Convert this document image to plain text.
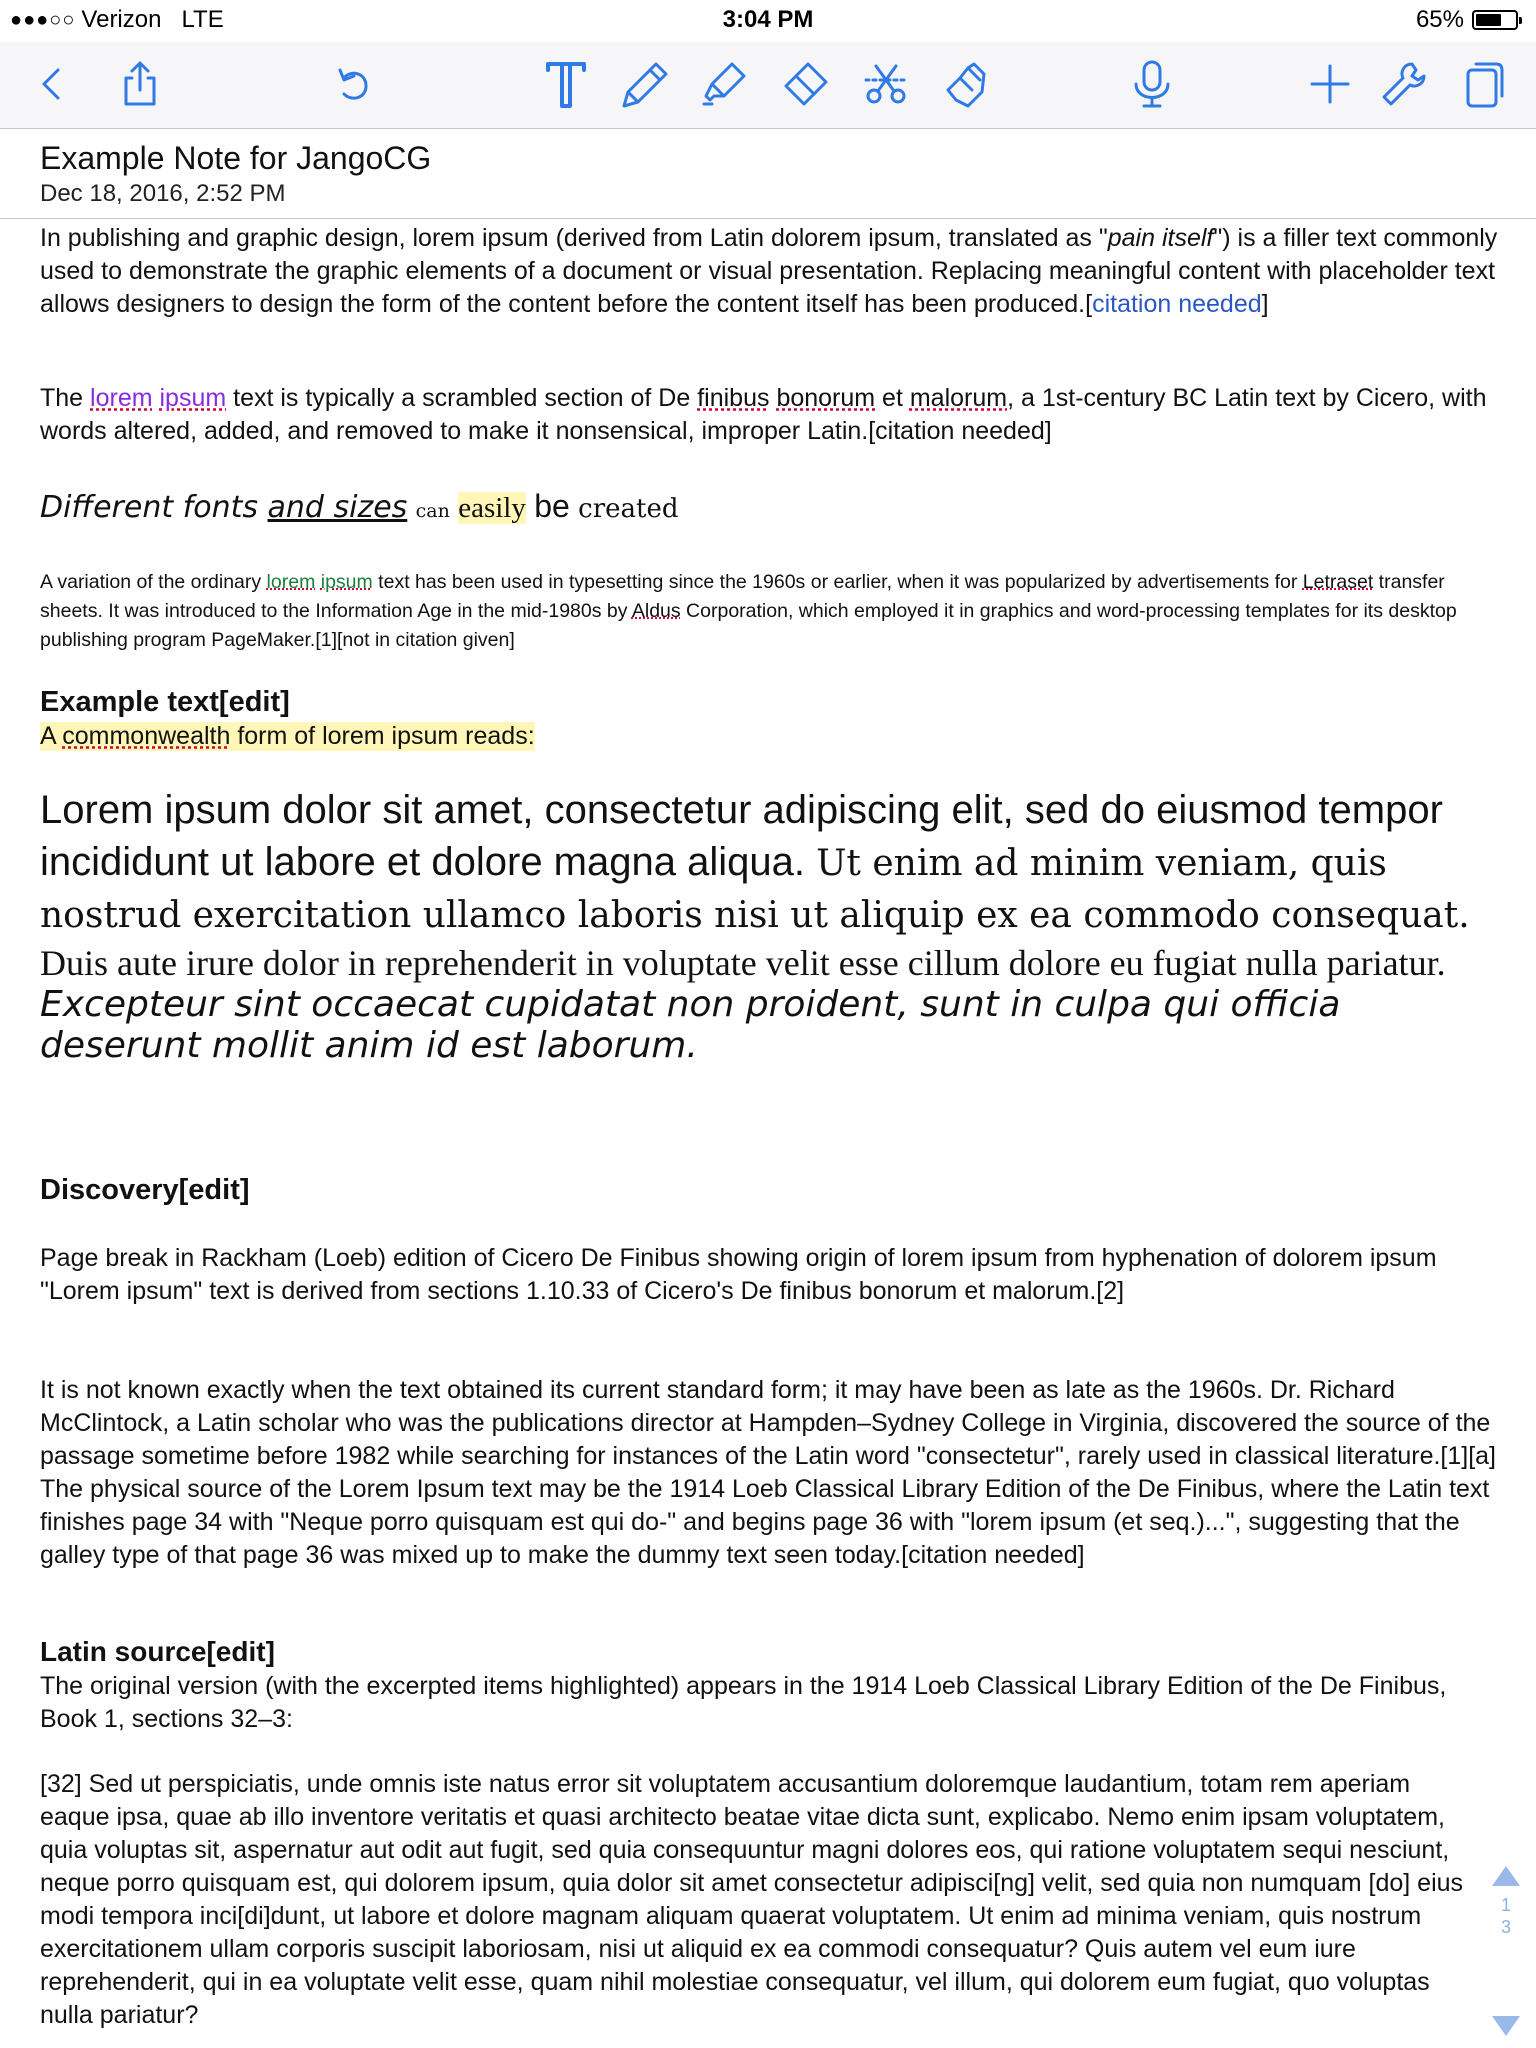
●●●○○ Verizon LTE	3:04 PM	65%
Example Note for JangoCG
Dec 18, 2016, 2:52 PM

In publishing and graphic design, lorem ipsum (derived from Latin dolorem ipsum, translated as "pain itself") is a filler text commonly used to demonstrate the graphic elements of a document or visual presentation. Replacing meaningful content with placeholder text allows designers to design the form of the content before the content itself has been produced.[citation needed]

The lorem ipsum text is typically a scrambled section of De finibus bonorum et malorum, a 1st-century BC Latin text by Cicero, with words altered, added, and removed to make it nonsensical, improper Latin.[citation needed]

Different fonts and sizes can easily be created

A variation of the ordinary lorem ipsum text has been used in typesetting since the 1960s or earlier, when it was popularized by advertisements for Letraset transfer sheets. It was introduced to the Information Age in the mid-1980s by Aldus Corporation, which employed it in graphics and word-processing templates for its desktop publishing program PageMaker.[1][not in citation given]

Example text[edit]
A commonwealth form of lorem ipsum reads:

Lorem ipsum dolor sit amet, consectetur adipiscing elit, sed do eiusmod tempor incididunt ut labore et dolore magna aliqua. Ut enim ad minim veniam, quis nostrud exercitation ullamco laboris nisi ut aliquip ex ea commodo consequat. Duis aute irure dolor in reprehenderit in voluptate velit esse cillum dolore eu fugiat nulla pariatur. Excepteur sint occaecat cupidatat non proident, sunt in culpa qui officia deserunt mollit anim id est laborum.

Discovery[edit]

Page break in Rackham (Loeb) edition of Cicero De Finibus showing origin of lorem ipsum from hyphenation of dolorem ipsum
"Lorem ipsum" text is derived from sections 1.10.33 of Cicero's De finibus bonorum et malorum.[2]

It is not known exactly when the text obtained its current standard form; it may have been as late as the 1960s. Dr. Richard McClintock, a Latin scholar who was the publications director at Hampden–Sydney College in Virginia, discovered the source of the passage sometime before 1982 while searching for instances of the Latin word "consectetur", rarely used in classical literature.[1][a] The physical source of the Lorem Ipsum text may be the 1914 Loeb Classical Library Edition of the De Finibus, where the Latin text finishes page 34 with "Neque porro quisquam est qui do-" and begins page 36 with "lorem ipsum (et seq.)...", suggesting that the galley type of that page 36 was mixed up to make the dummy text seen today.[citation needed]

Latin source[edit]

The original version (with the excerpted items highlighted) appears in the 1914 Loeb Classical Library Edition of the De Finibus, Book 1, sections 32–3:

[32] Sed ut perspiciatis, unde omnis iste natus error sit voluptatem accusantium doloremque laudantium, totam rem aperiam eaque ipsa, quae ab illo inventore veritatis et quasi architecto beatae vitae dicta sunt, explicabo. Nemo enim ipsam voluptatem, quia voluptas sit, aspernatur aut odit aut fugit, sed quia consequuntur magni dolores eos, qui ratione voluptatem sequi nesciunt, neque porro quisquam est, qui dolorem ipsum, quia dolor sit amet consectetur adipisci[ng] velit, sed quia non numquam [do] eius modi tempora inci[di]dunt, ut labore et dolore magnam aliquam quaerat voluptatem. Ut enim ad minima veniam, quis nostrum exercitationem ullam corporis suscipit laboriosam, nisi ut aliquid ex ea commodi consequatur? Quis autem vel eum iure reprehenderit, qui in ea voluptate velit esse, quam nihil molestiae consequatur, vel illum, qui dolorem eum fugiat, quo voluptas nulla pariatur?

1
3
